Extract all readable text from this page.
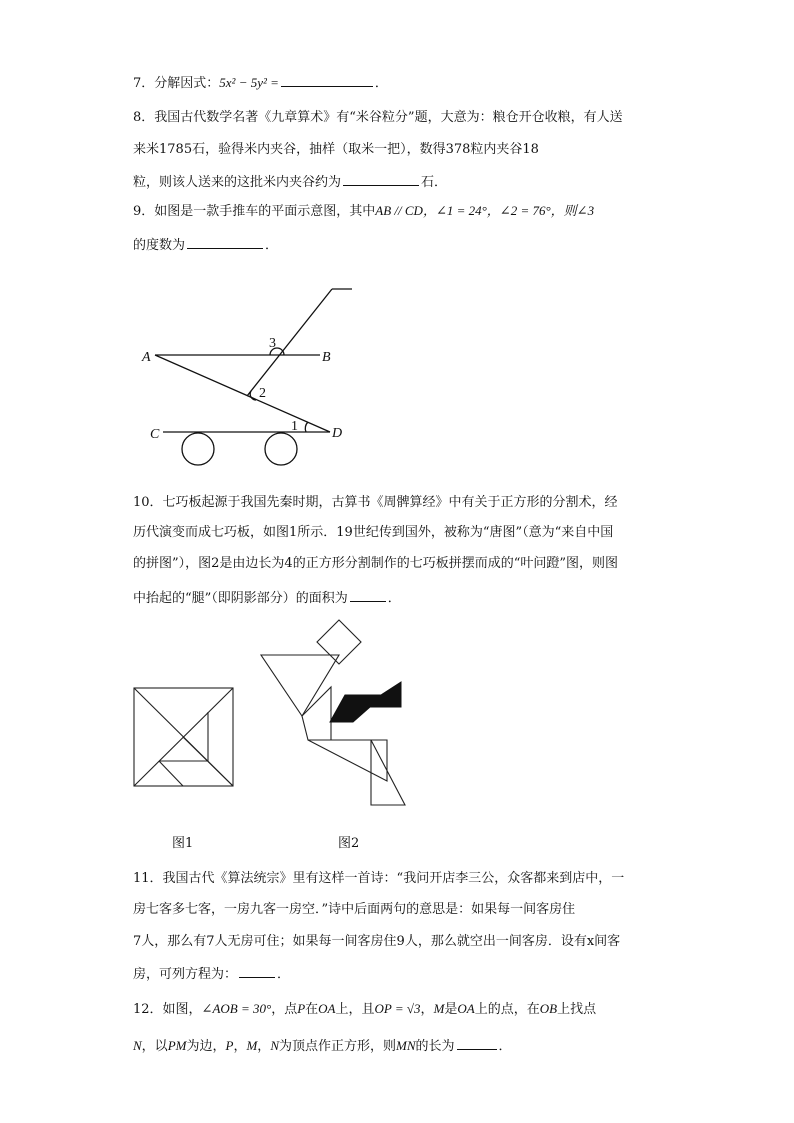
7．分解因式：5x² − 5y² =	．
8．我国古代数学名著《九章算术》有“米谷粒分”题，大意为：粮仓开仓收粮，有人送
来米1785石，验得米内夹谷，抽样（取米一把），数得378粒内夹谷18
粒，则该人送来的这批米内夹谷约为	石．
9．如图是一款手推车的平面示意图，其中AB // CD，∠1 = 24°，∠2 = 76°，则∠3
的度数为	．
A	B
C	D
1
2
3
10．七巧板起源于我国先秦时期，古算书《周髀算经》中有关于正方形的分割术，经
历代演变而成七巧板，如图1所示．19世纪传到国外，被称为“唐图”（意为“来自中国
的拼图”），图2是由边长为4的正方形分割制作的七巧板拼摆而成的“叶问蹬”图，则图
中抬起的“腿”（即阴影部分）的面积为	．
图1	图2
11．我国古代《算法统宗》里有这样一首诗：“我问开店李三公，众客都来到店中，一
房七客多七客，一房九客一房空．”诗中后面两句的意思是：如果每一间客房住
7人，那么有7人无房可住；如果每一间客房住9人，那么就空出一间客房．设有x间客
房，可列方程为：	．
12．如图，∠AOB = 30°，点P在OA上，且OP = √3，M是OA上的点，在OB上找点
N，以PM为边，P，M，N为顶点作正方形，则MN的长为	．
